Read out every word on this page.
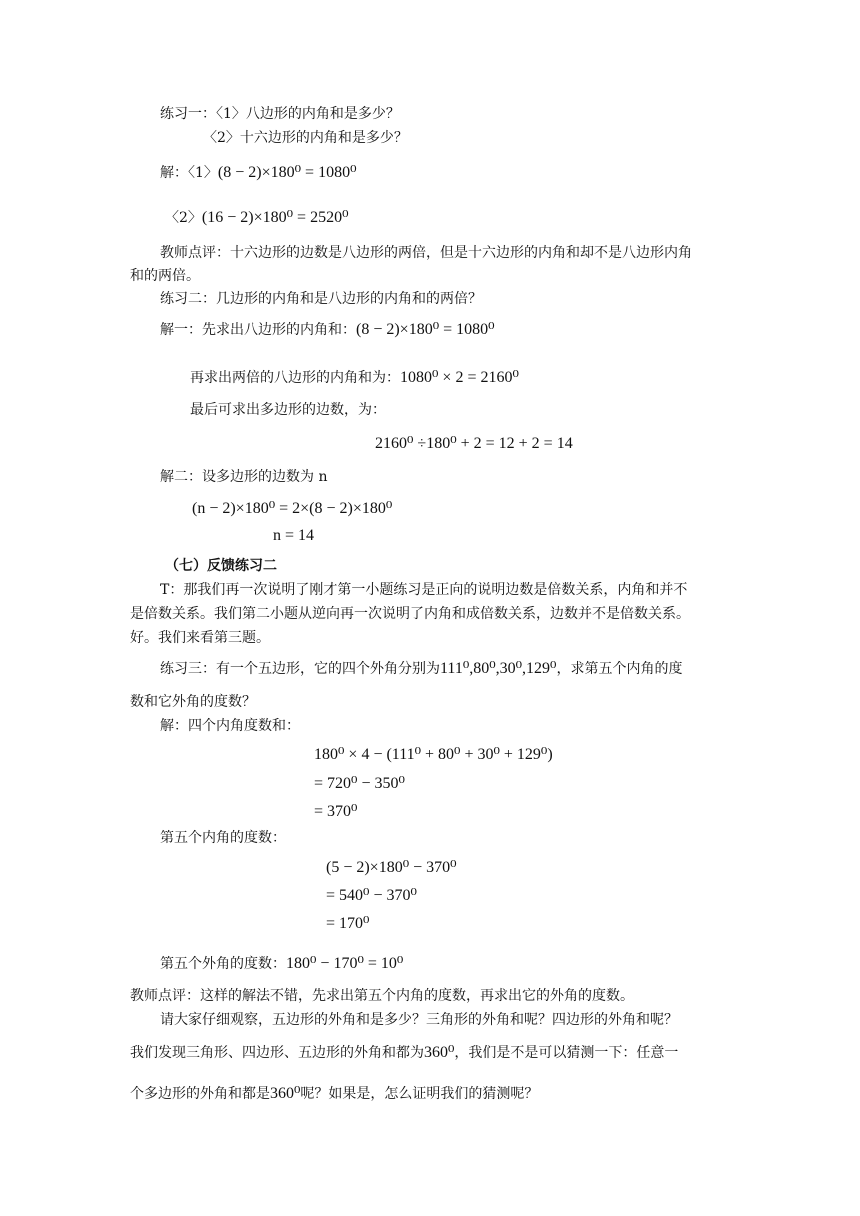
练习一：〈1〉八边形的内角和是多少？
〈2〉十六边形的内角和是多少？
解：〈1〉(8 − 2)×180⁰ = 1080⁰
〈2〉(16 − 2)×180⁰ = 2520⁰
教师点评：十六边形的边数是八边形的两倍，但是十六边形的内角和却不是八边形内角
和的两倍。
练习二：几边形的内角和是八边形的内角和的两倍？
解一：先求出八边形的内角和：(8 − 2)×180⁰ = 1080⁰
再求出两倍的八边形的内角和为：1080⁰ × 2 = 2160⁰
最后可求出多边形的边数，为：
2160⁰ ÷180⁰ + 2 = 12 + 2 = 14
解二：设多边形的边数为 n
(n − 2)×180⁰ = 2×(8 − 2)×180⁰
n = 14
（七）反馈练习二
T：那我们再一次说明了刚才第一小题练习是正向的说明边数是倍数关系，内角和并不
是倍数关系。我们第二小题从逆向再一次说明了内角和成倍数关系，边数并不是倍数关系。
好。我们来看第三题。
练习三：有一个五边形，它的四个外角分别为111⁰,80⁰,30⁰,129⁰，求第五个内角的度
数和它外角的度数？
解：四个内角度数和：
180⁰ × 4 − (111⁰ + 80⁰ + 30⁰ + 129⁰)
= 720⁰ − 350⁰
= 370⁰
第五个内角的度数：
(5 − 2)×180⁰ − 370⁰
= 540⁰ − 370⁰
= 170⁰
第五个外角的度数：180⁰ − 170⁰ = 10⁰
教师点评：这样的解法不错，先求出第五个内角的度数，再求出它的外角的度数。
请大家仔细观察，五边形的外角和是多少？三角形的外角和呢？四边形的外角和呢？
我们发现三角形、四边形、五边形的外角和都为360⁰，我们是不是可以猜测一下：任意一
个多边形的外角和都是360⁰呢？如果是，怎么证明我们的猜测呢？
